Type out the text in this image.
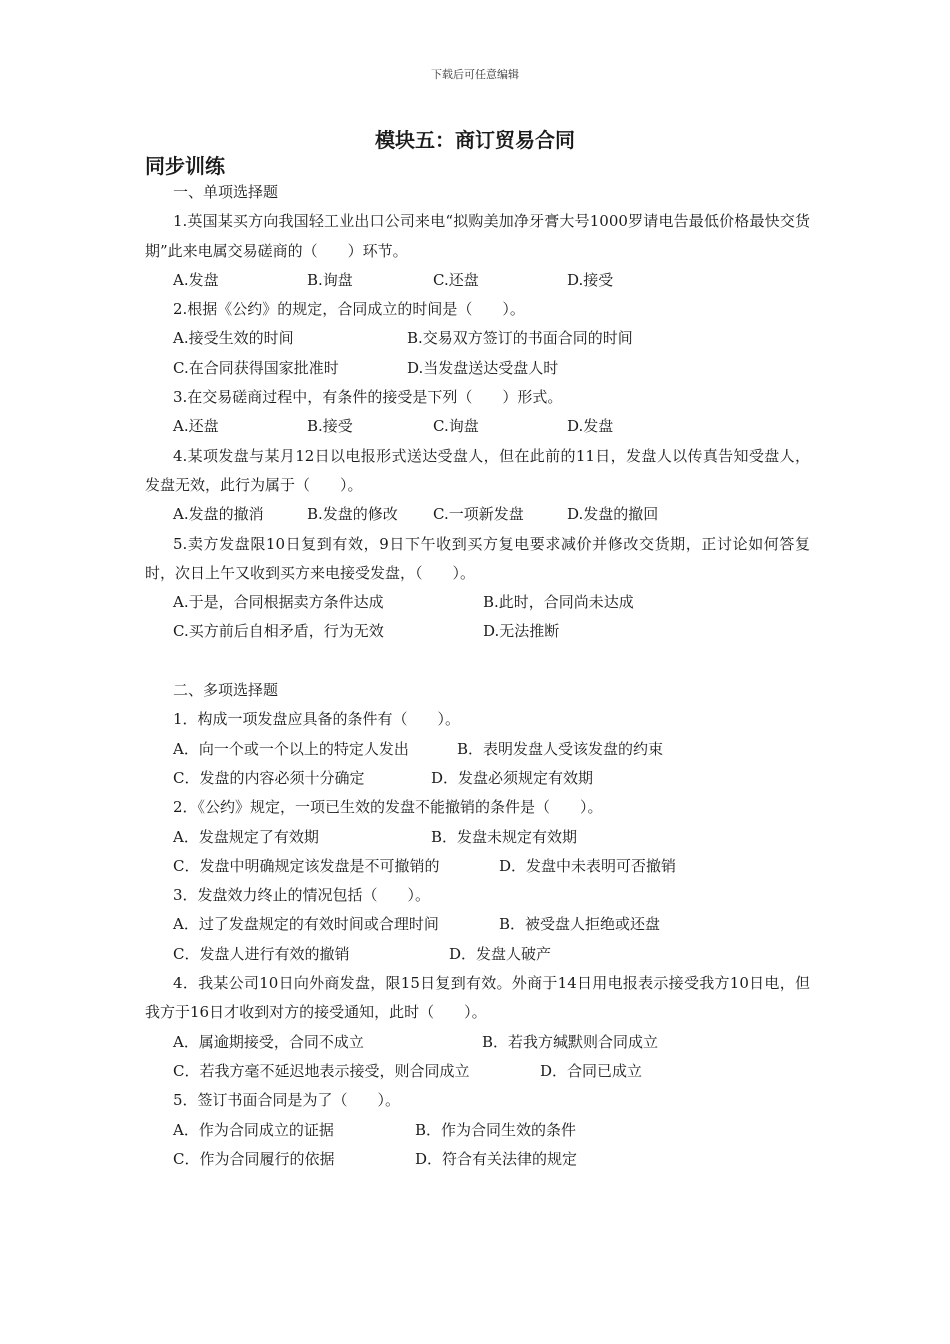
下载后可任意编辑
模块五：商订贸易合同
同步训练
一、单项选择题
1.英国某买方向我国轻工业出口公司来电“拟购美加净牙膏大号1000罗请电告最低价格最快交货期”此来电属交易磋商的（　　）环节。
A.发盘	B.询盘	C.还盘	D.接受
2.根据《公约》的规定，合同成立的时间是（　　）。
A.接受生效的时间	B.交易双方签订的书面合同的时间
C.在合同获得国家批准时	D.当发盘送达受盘人时
3.在交易磋商过程中，有条件的接受是下列（　　）形式。
A.还盘	B.接受	C.询盘	D.发盘
4.某项发盘与某月12日以电报形式送达受盘人，但在此前的11日，发盘人以传真告知受盘人，发盘无效，此行为属于（　　）。
A.发盘的撤消	B.发盘的修改	C.一项新发盘	D.发盘的撤回
5.卖方发盘限10日复到有效，9日下午收到买方复电要求减价并修改交货期，正讨论如何答复时，次日上午又收到买方来电接受发盘，（　　）。
A.于是，合同根据卖方条件达成	B.此时，合同尚未达成
C.买方前后自相矛盾，行为无效	D.无法推断
二、多项选择题
1．构成一项发盘应具备的条件有（　　）。
A．向一个或一个以上的特定人发出	B．表明发盘人受该发盘的约束
C．发盘的内容必须十分确定	D．发盘必须规定有效期
2．《公约》规定，一项已生效的发盘不能撤销的条件是（　　）。
A．发盘规定了有效期	B．发盘未规定有效期
C．发盘中明确规定该发盘是不可撤销的	D．发盘中未表明可否撤销
3．发盘效力终止的情况包括（　　）。
A．过了发盘规定的有效时间或合理时间	B．被受盘人拒绝或还盘
C．发盘人进行有效的撤销	D．发盘人破产
4．我某公司10日向外商发盘，限15日复到有效。外商于14日用电报表示接受我方10日电，但我方于16日才收到对方的接受通知，此时（　　）。
A．属逾期接受，合同不成立	B．若我方缄默则合同成立
C．若我方毫不延迟地表示接受，则合同成立	D．合同已成立
5．签订书面合同是为了（　　）。
A．作为合同成立的证据	B．作为合同生效的条件
C．作为合同履行的依据	D．符合有关法律的规定
